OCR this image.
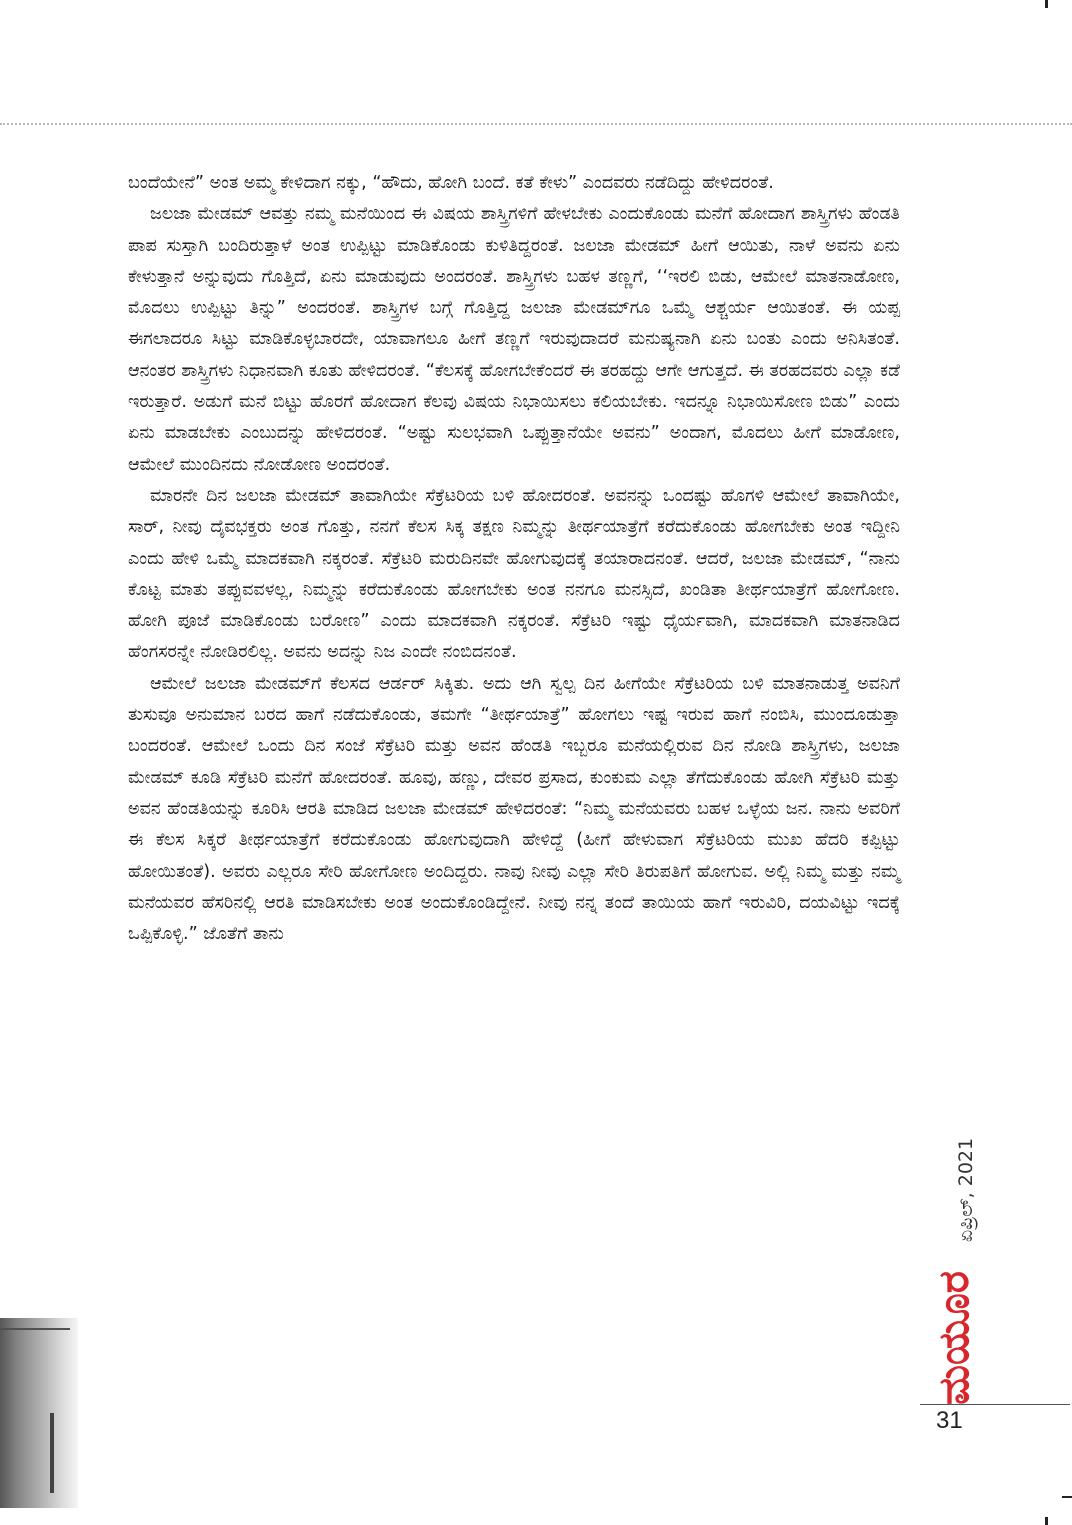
ಬಂದೆಯೇನೆ” ಅಂತ ಅಮ್ಮ ಕೇಳಿದಾಗ ನಕ್ಕು, “ಹೌದು, ಹೋಗಿ ಬಂದೆ. ಕತೆ ಕೇಳು” ಎಂದವರು ನಡೆದಿದ್ದು ಹೇಳಿದರಂತೆ.

ಜಲಜಾ ಮೇಡಮ್ ಆವತ್ತು ನಮ್ಮ ಮನೆಯಿಂದ ಈ ವಿಷಯ ಶಾಸ್ತ್ರಿಗಳಿಗೆ ಹೇಳಬೇಕು ಎಂದುಕೊಂಡು ಮನೆಗೆ ಹೋದಾಗ ಶಾಸ್ತ್ರಿಗಳು ಹೆಂಡತಿ ಪಾಪ ಸುಸ್ತಾಗಿ ಬಂದಿರುತ್ತಾಳೆ ಅಂತ ಉಪ್ಪಿಟ್ಟು ಮಾಡಿಕೊಂಡು ಕುಳಿತಿದ್ದರಂತೆ. ಜಲಜಾ ಮೇಡಮ್ ಹೀಗೆ ಆಯಿತು, ನಾಳೆ ಅವನು ಏನು ಕೇಳುತ್ತಾನೆ ಅನ್ನುವುದು ಗೊತ್ತಿದೆ, ಏನು ಮಾಡುವುದು ಅಂದರಂತೆ. ಶಾಸ್ತ್ರಿಗಳು ಬಹಳ ತಣ್ಣಗೆ, ‘‘ಇರಲಿ ಬಿಡು, ಆಮೇಲೆ ಮಾತನಾಡೋಣ, ಮೊದಲು ಉಪ್ಪಿಟ್ಟು ತಿನ್ನು” ಅಂದರಂತೆ. ಶಾಸ್ತ್ರಿಗಳ ಬಗ್ಗೆ ಗೊತ್ತಿದ್ದ ಜಲಜಾ ಮೇಡಮ್‌ಗೂ ಒಮ್ಮೆ ಆಶ್ಚರ್ಯ ಆಯಿತಂತೆ. ಈ ಯಪ್ಪ ಈಗಲಾದರೂ ಸಿಟ್ಟು ಮಾಡಿಕೊಳ್ಳಬಾರದೇ, ಯಾವಾಗಲೂ ಹೀಗೆ ತಣ್ಣಗೆ ಇರುವುದಾದರೆ ಮನುಷ್ಯನಾಗಿ ಏನು ಬಂತು ಎಂದು ಅನಿಸಿತಂತೆ. ಆನಂತರ ಶಾಸ್ತ್ರಿಗಳು ನಿಧಾನವಾಗಿ ಕೂತು ಹೇಳಿದರಂತೆ. “ಕೆಲಸಕ್ಕೆ ಹೋಗಬೇಕೆಂದರೆ ಈ ತರಹದ್ದು ಆಗೇ ಆಗುತ್ತದೆ. ಈ ತರಹದವರು ಎಲ್ಲಾ ಕಡೆ ಇರುತ್ತಾರೆ. ಅಡುಗೆ ಮನೆ ಬಿಟ್ಟು ಹೊರಗೆ ಹೋದಾಗ ಕೆಲವು ವಿಷಯ ನಿಭಾಯಿಸಲು ಕಲಿಯಬೇಕು. ಇದನ್ನೂ ನಿಭಾಯಿಸೋಣ ಬಿಡು” ಎಂದು ಏನು ಮಾಡಬೇಕು ಎಂಬುದನ್ನು ಹೇಳಿದರಂತೆ. “ಅಷ್ಟು ಸುಲಭವಾಗಿ ಒಪ್ಪುತ್ತಾನೆಯೇ ಅವನು” ಅಂದಾಗ, ಮೊದಲು ಹೀಗೆ ಮಾಡೋಣ, ಆಮೇಲೆ ಮುಂದಿನದು ನೋಡೋಣ ಅಂದರಂತೆ.

ಮಾರನೇ ದಿನ ಜಲಜಾ ಮೇಡಮ್ ತಾವಾಗಿಯೇ ಸೆಕ್ರೆಟರಿಯ ಬಳಿ ಹೋದರಂತೆ. ಅವನನ್ನು ಒಂದಷ್ಟು ಹೊಗಳಿ ಆಮೇಲೆ ತಾವಾಗಿಯೇ, ಸಾರ್, ನೀವು ದೈವಭಕ್ತರು ಅಂತ ಗೊತ್ತು, ನನಗೆ ಕೆಲಸ ಸಿಕ್ಕ ತಕ್ಷಣ ನಿಮ್ಮನ್ನು ತೀರ್ಥಯಾತ್ರೆಗೆ ಕರೆದುಕೊಂಡು ಹೋಗಬೇಕು ಅಂತ ಇದ್ದೀನಿ ಎಂದು ಹೇಳಿ ಒಮ್ಮೆ ಮಾದಕವಾಗಿ ನಕ್ಕರಂತೆ. ಸೆಕ್ರೆಟರಿ ಮರುದಿನವೇ ಹೋಗುವುದಕ್ಕೆ ತಯಾರಾದನಂತೆ. ಆದರೆ, ಜಲಜಾ ಮೇಡಮ್, “ನಾನು ಕೊಟ್ಟ ಮಾತು ತಪ್ಪುವವಳಲ್ಲ, ನಿಮ್ಮನ್ನು ಕರೆದುಕೊಂಡು ಹೋಗಬೇಕು ಅಂತ ನನಗೂ ಮನಸ್ಸಿದೆ, ಖಂಡಿತಾ ತೀರ್ಥಯಾತ್ರೆಗೆ ಹೋಗೋಣ. ಹೋಗಿ ಪೂಜೆ ಮಾಡಿಕೊಂಡು ಬರೋಣ” ಎಂದು ಮಾದಕವಾಗಿ ನಕ್ಕರಂತೆ. ಸೆಕ್ರೆಟರಿ ಇಷ್ಟು ಧೈರ್ಯವಾಗಿ, ಮಾದಕವಾಗಿ ಮಾತನಾಡಿದ ಹೆಂಗಸರನ್ನೇ ನೋಡಿರಲಿಲ್ಲ. ಅವನು ಅದನ್ನು ನಿಜ ಎಂದೇ ನಂಬಿದನಂತೆ.

ಆಮೇಲೆ ಜಲಜಾ ಮೇಡಮ್‌ಗೆ ಕೆಲಸದ ಆರ್ಡರ್ ಸಿಕ್ಕಿತು. ಅದು ಆಗಿ ಸ್ವಲ್ಪ ದಿನ ಹೀಗೆಯೇ ಸೆಕ್ರೆಟರಿಯ ಬಳಿ ಮಾತನಾಡುತ್ತ ಅವನಿಗೆ ತುಸುವೂ ಅನುಮಾನ ಬರದ ಹಾಗೆ ನಡೆದುಕೊಂಡು, ತಮಗೇ “ತೀರ್ಥಯಾತ್ರೆ” ಹೋಗಲು ಇಷ್ಟ ಇರುವ ಹಾಗೆ ನಂಬಿಸಿ, ಮುಂದೂಡುತ್ತಾ ಬಂದರಂತೆ. ಆಮೇಲೆ ಒಂದು ದಿನ ಸಂಜೆ ಸೆಕ್ರೆಟರಿ ಮತ್ತು ಅವನ ಹೆಂಡತಿ ಇಬ್ಬರೂ ಮನೆಯಲ್ಲಿರುವ ದಿನ ನೋಡಿ ಶಾಸ್ತ್ರಿಗಳು, ಜಲಜಾ ಮೇಡಮ್ ಕೂಡಿ ಸೆಕ್ರೆಟರಿ ಮನೆಗೆ ಹೋದರಂತೆ. ಹೂವು, ಹಣ್ಣು, ದೇವರ ಪ್ರಸಾದ, ಕುಂಕುಮ ಎಲ್ಲಾ ತೆಗೆದುಕೊಂಡು ಹೋಗಿ ಸೆಕ್ರೆಟರಿ ಮತ್ತು ಅವನ ಹೆಂಡತಿಯನ್ನು ಕೂರಿಸಿ ಆರತಿ ಮಾಡಿದ ಜಲಜಾ ಮೇಡಮ್ ಹೇಳಿದರಂತೆ: “ನಿಮ್ಮ ಮನೆಯವರು ಬಹಳ ಒಳ್ಳೆಯ ಜನ. ನಾನು ಅವರಿಗೆ ಈ ಕೆಲಸ ಸಿಕ್ಕರೆ ತೀರ್ಥಯಾತ್ರೆಗೆ ಕರೆದುಕೊಂಡು ಹೋಗುವುದಾಗಿ ಹೇಳಿದ್ದೆ (ಹೀಗೆ ಹೇಳುವಾಗ ಸೆಕ್ರೆಟರಿಯ ಮುಖ ಹೆದರಿ ಕಪ್ಪಿಟ್ಟು ಹೋಯಿತಂತೆ). ಅವರು ಎಲ್ಲರೂ ಸೇರಿ ಹೋಗೋಣ ಅಂದಿದ್ದರು. ನಾವು ನೀವು ಎಲ್ಲಾ ಸೇರಿ ತಿರುಪತಿಗೆ ಹೋಗುವ. ಅಲ್ಲಿ ನಿಮ್ಮ ಮತ್ತು ನಮ್ಮ ಮನೆಯವರ ಹೆಸರಿನಲ್ಲಿ ಆರತಿ ಮಾಡಿಸಬೇಕು ಅಂತ ಅಂದುಕೊಂಡಿದ್ದೇನೆ. ನೀವು ನನ್ನ ತಂದೆ ತಾಯಿಯ ಹಾಗೆ ಇರುವಿರಿ, ದಯವಿಟ್ಟು ಇದಕ್ಕೆ ಒಪ್ಪಿಕೊಳ್ಳಿ.” ಜೊತೆಗೆ ತಾನು

ಏಪ್ರಿಲ್, 2021
ಮಯೂರ
31
